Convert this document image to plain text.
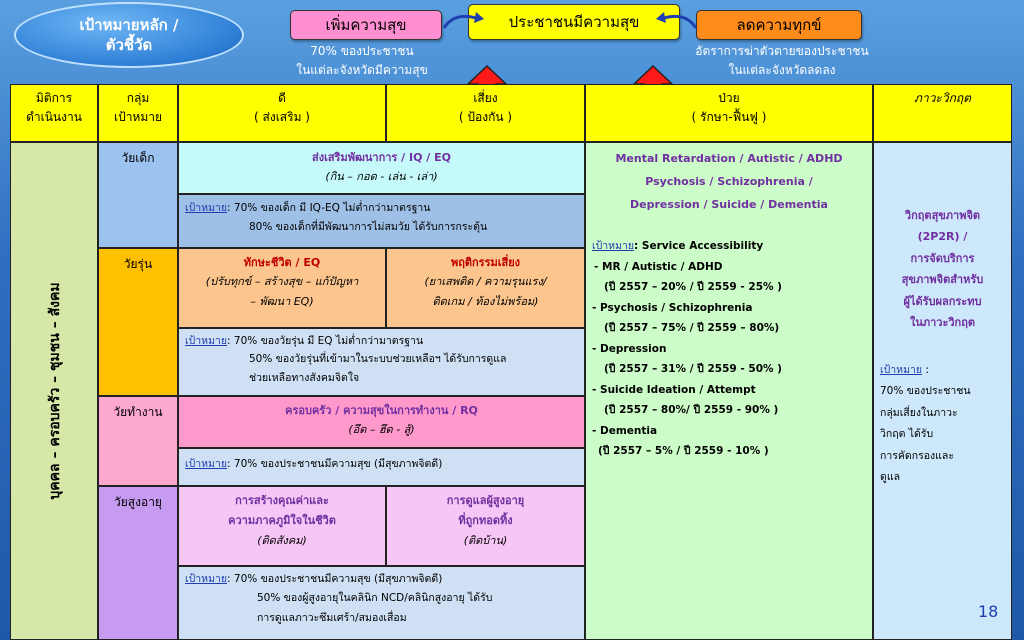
เป้าหมายหลัก /
ตัวชี้วัด
เพิ่มความสุข	ประชาชนมีความสุข	ลดความทุกข์
70% ของประชาชน
ในแต่ละจังหวัดมีความสุข
อัตราการฆ่าตัวตายของประชาชน
ในแต่ละจังหวัดลดลง
มิติการ
ดำเนินงาน
กลุ่ม
เป้าหมาย
ดี
( ส่งเสริม )
เสี่ยง
( ป้องกัน )
ป่วย
( รักษา-ฟื้นฟู )
ภาวะวิกฤต
บุคคล – ครอบครัว – ชุมชน – สังคม
วัยเด็ก
วัยรุ่น
วัยทำงาน
วัยสูงอายุ
ส่งเสริมพัฒนาการ / IQ / EQ
(กิน – กอด - เล่น - เล่า)
เป้าหมาย: 70% ของเด็ก มี IQ-EQ ไม่ต่ำกว่ามาตรฐาน
80% ของเด็กที่มีพัฒนาการไม่สมวัย ได้รับการกระตุ้น
ทักษะชีวิต / EQ
(ปรับทุกข์ – สร้างสุข – แก้ปัญหา
– พัฒนา EQ)
พฤติกรรมเสี่ยง
(ยาเสพติด / ความรุนแรง/
ติดเกม / ท้องไม่พร้อม)
เป้าหมาย: 70% ของวัยรุ่น มี EQ ไม่ต่ำกว่ามาตรฐาน
50% ของวัยรุ่นที่เข้ามาในระบบช่วยเหลือฯ ได้รับการดูแล
ช่วยเหลือทางสังคมจิตใจ
ครอบครัว / ความสุขในการทำงาน / RQ
(อึด – ฮึด - สู้)
เป้าหมาย: 70% ของประชาชนมีความสุข (มีสุขภาพจิตดี)
การสร้างคุณค่าและ
ความภาคภูมิใจในชีวิต
(ติดสังคม)
การดูแลผู้สูงอายุ
ที่ถูกทอดทิ้ง
(ติดบ้าน)
เป้าหมาย: 70% ของประชาชนมีความสุข (มีสุขภาพจิตดี)
50% ของผู้สูงอายุในคลินิก NCD/คลินิกสูงอายุ ได้รับ
การดูแลภาวะซึมเศร้า/สมองเสื่อม
Mental Retardation / Autistic / ADHD
Psychosis / Schizophrenia /
Depression / Suicide / Dementia
เป้าหมาย: Service Accessibility
- MR / Autistic / ADHD
(ปี 2557 – 20% / ปี 2559 - 25% )
- Psychosis / Schizophrenia
(ปี 2557 – 75% / ปี 2559 – 80%)
- Depression
(ปี 2557 – 31% / ปี 2559 - 50% )
- Suicide Ideation / Attempt
(ปี 2557 – 80%/ ปี 2559 - 90% )
- Dementia
(ปี 2557 – 5% / ปี 2559 - 10% )
วิกฤตสุขภาพจิต
(2P2R) /
การจัดบริการ
สุขภาพจิตสำหรับ
ผู้ได้รับผลกระทบ
ในภาวะวิกฤต
เป้าหมาย :
70% ของประชาชน
กลุ่มเสี่ยงในภาวะ
วิกฤต ได้รับ
การคัดกรองและ
ดูแล
18
